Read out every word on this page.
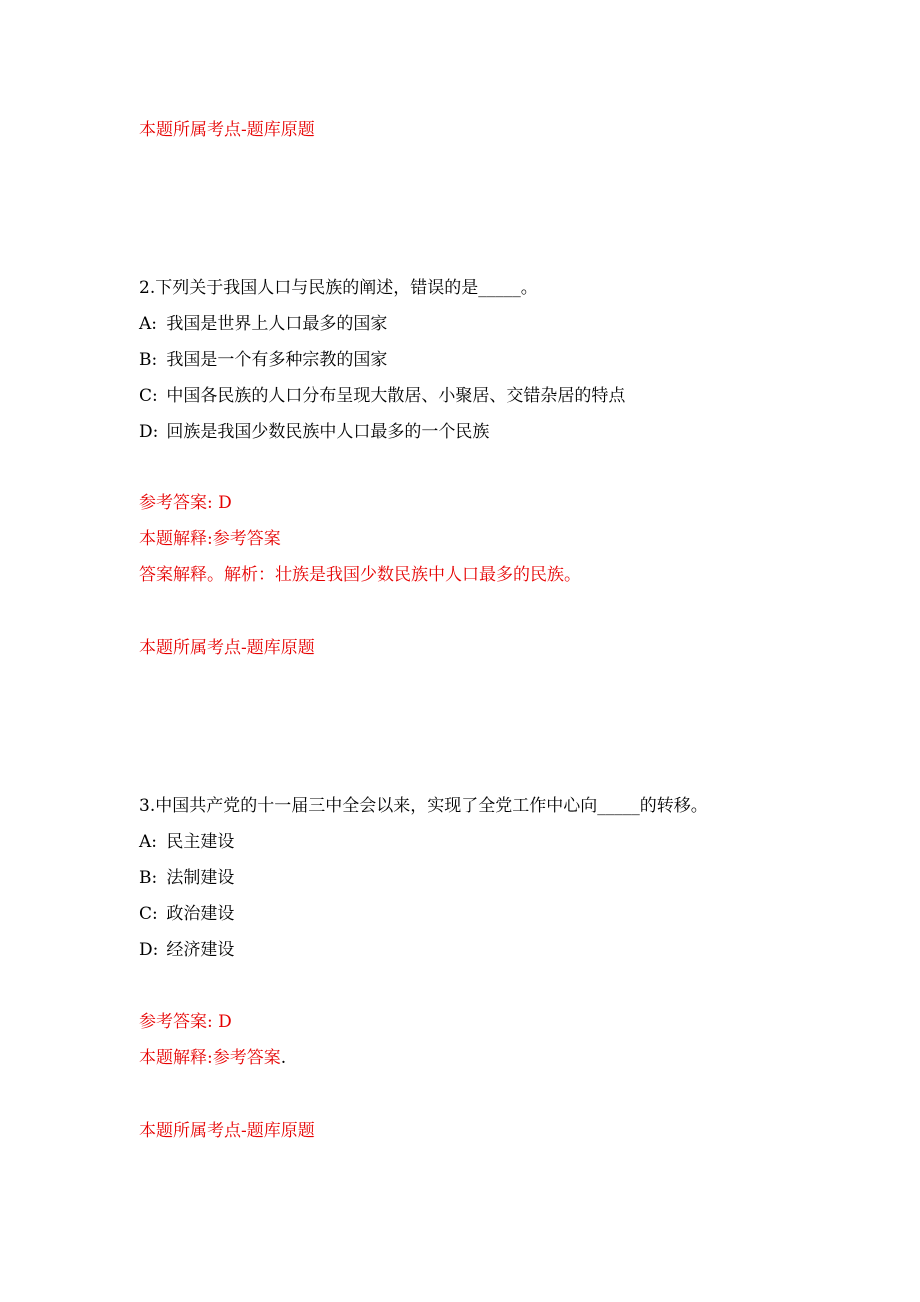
本题所属考点-题库原题
2.下列关于我国人口与民族的阐述，错误的是_____。
A: 我国是世界上人口最多的国家
B: 我国是一个有多种宗教的国家
C: 中国各民族的人口分布呈现大散居、小聚居、交错杂居的特点
D: 回族是我国少数民族中人口最多的一个民族
参考答案: D
本题解释:参考答案
答案解释。解析：壮族是我国少数民族中人口最多的民族。
本题所属考点-题库原题
3.中国共产党的十一届三中全会以来，实现了全党工作中心向_____的转移。
A: 民主建设
B: 法制建设
C: 政治建设
D: 经济建设
参考答案: D
本题解释:参考答案.
本题所属考点-题库原题
